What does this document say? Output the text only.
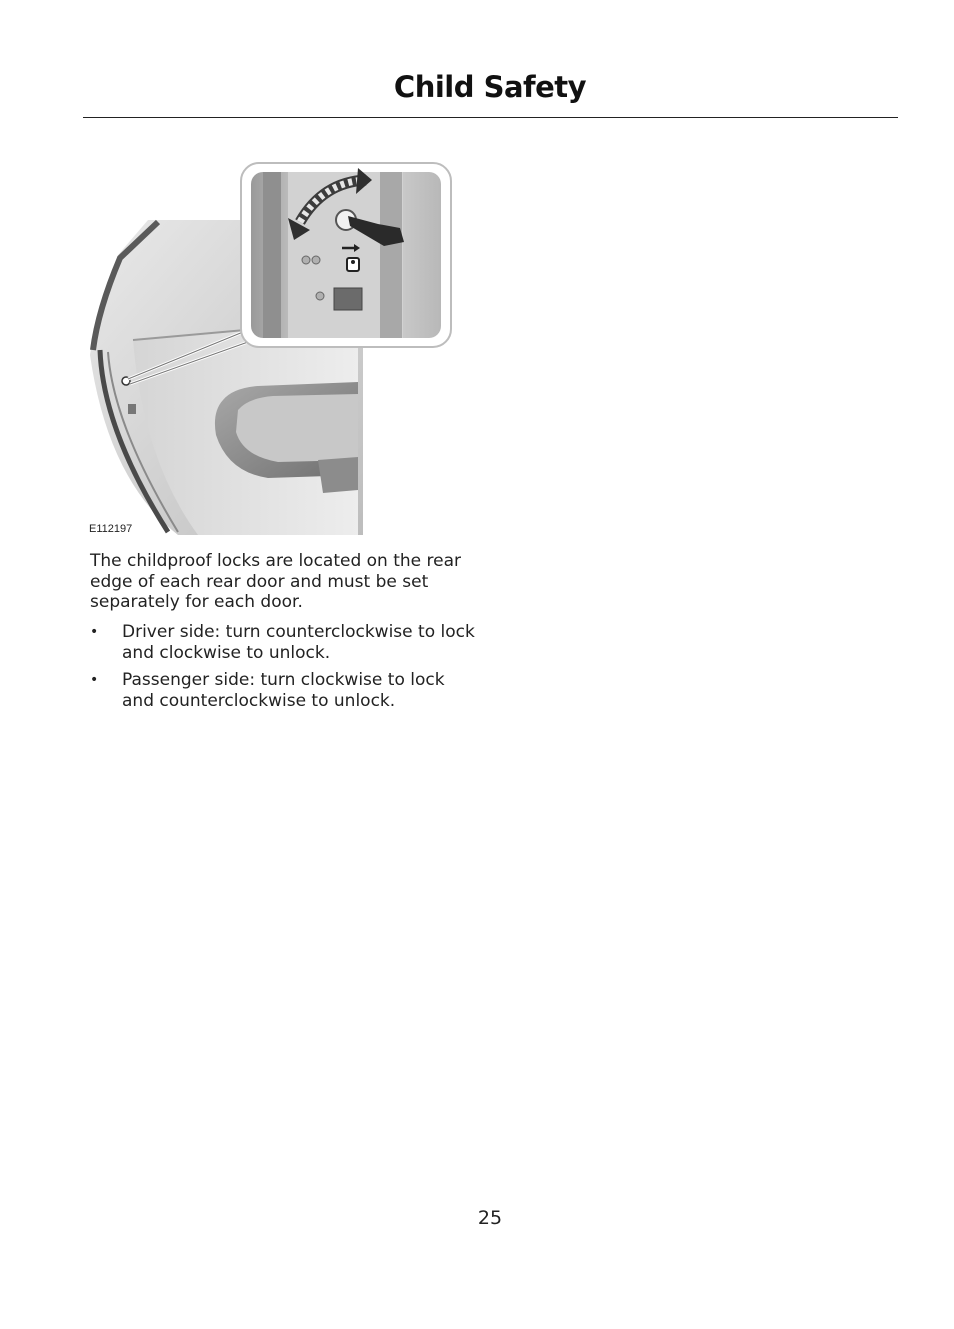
Child Safety
E112197

The childproof locks are located on the rear edge of each rear door and must be set separately for each door.

• Driver side: turn counterclockwise to lock and clockwise to unlock.
• Passenger side: turn clockwise to lock and counterclockwise to unlock.
25
